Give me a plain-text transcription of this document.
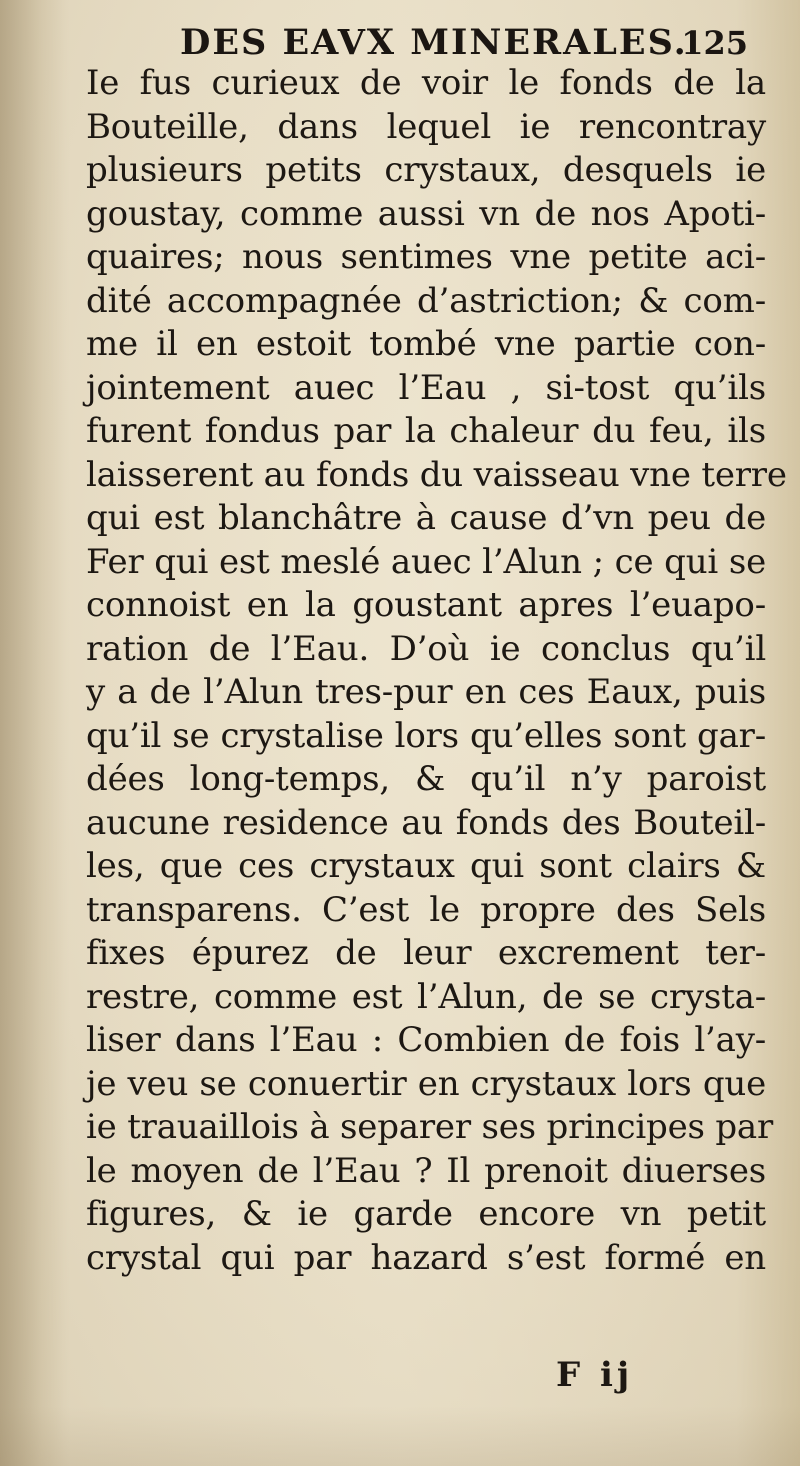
DES EAVX MINERALES.
125
Ie fus curieux de voir le fonds de la
Bouteille, dans lequel ie rencontray
plusieurs petits crystaux, desquels ie
goustay, comme aussi vn de nos Apoti-
quaires; nous sentimes vne petite aci-
dité accompagnée d’astriction; & com-
me il en estoit tombé vne partie con-
jointement auec l’Eau , si-tost qu’ils
furent fondus par la chaleur du feu, ils
laisserent au fonds du vaisseau vne terre
qui est blanchâtre à cause d’vn peu de
Fer qui est meslé auec l’Alun ; ce qui se
connoist en la goustant apres l’euapo-
ration de l’Eau. D’où ie conclus qu’il
y a de l’Alun tres-pur en ces Eaux, puis
qu’il se crystalise lors qu’elles sont gar-
dées long-temps, & qu’il n’y paroist
aucune residence au fonds des Bouteil-
les, que ces crystaux qui sont clairs &
transparens. C’est le propre des Sels
fixes épurez de leur excrement ter-
restre, comme est l’Alun, de se crysta-
liser dans l’Eau : Combien de fois l’ay-
je veu se conuertir en crystaux lors que
ie trauaillois à separer ses principes par
le moyen de l’Eau ? Il prenoit diuerses
figures, & ie garde encore vn petit
crystal qui par hazard s’est formé en
F ij
